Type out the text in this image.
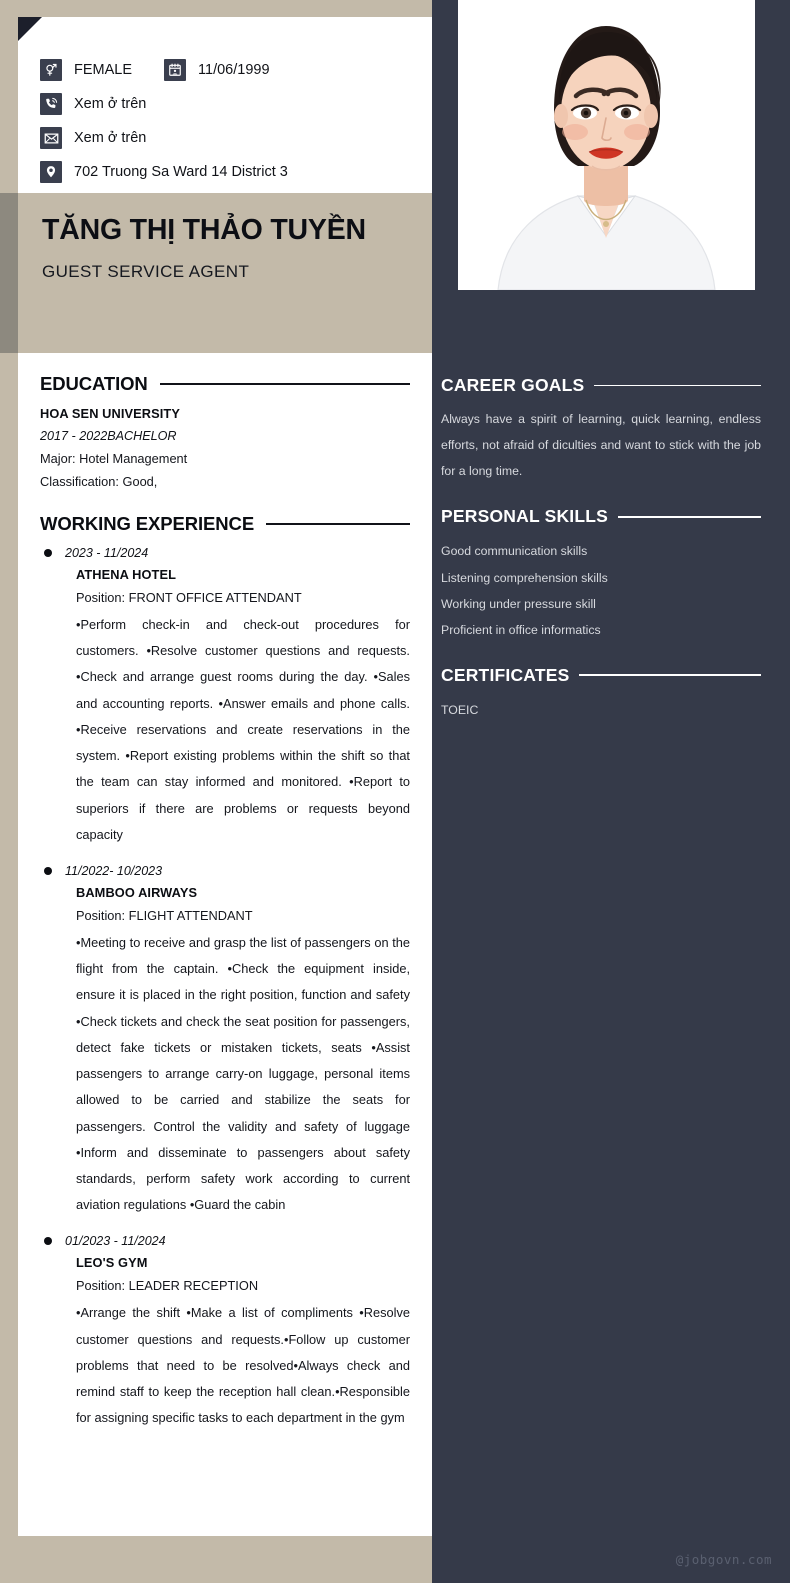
CAREER GOALS
Always have a spirit of learning, quick learning, endless efforts, not afraid of diculties and want to stick with the job for a long time.
PERSONAL SKILLS
Good communication skills
Listening comprehension skills
Working under pressure skill
Proficient in office informatics
CERTIFICATES
TOEIC
@jobgovn.com
FEMALE	11/06/1999
Xem ở trên
Xem ở trên
702 Truong Sa Ward 14 District 3
TĂNG THỊ THẢO TUYỀN
GUEST SERVICE AGENT
EDUCATION
HOA SEN UNIVERSITY
2017 - 2022BACHELOR
Major: Hotel Management
Classification: Good,
WORKING EXPERIENCE
2023 - 11/2024
ATHENA HOTEL
Position: FRONT OFFICE ATTENDANT
•Perform check-in and check-out procedures for customers. •Resolve customer questions and requests. •Check and arrange guest rooms during the day. •Sales and accounting reports. •Answer emails and phone calls. •Receive reservations and create reservations in the system. •Report existing problems within the shift so that the team can stay informed and monitored. •Report to superiors if there are problems or requests beyond capacity
11/2022- 10/2023
BAMBOO AIRWAYS
Position: FLIGHT ATTENDANT
•Meeting to receive and grasp the list of passengers on the flight from the captain. •Check the equipment inside, ensure it is placed in the right position, function and safety •Check tickets and check the seat position for passengers, detect fake tickets or mistaken tickets, seats •Assist passengers to arrange carry-on luggage, personal items allowed to be carried and stabilize the seats for passengers. Control the validity and safety of luggage •Inform and disseminate to passengers about safety standards, perform safety work according to current aviation regulations •Guard the cabin
01/2023 - 11/2024
LEO'S GYM
Position: LEADER RECEPTION
•Arrange the shift •Make a list of compliments •Resolve customer questions and requests.•Follow up customer problems that need to be resolved•Always check and remind staff to keep the reception hall clean.•Responsible for assigning specific tasks to each department in the gym
